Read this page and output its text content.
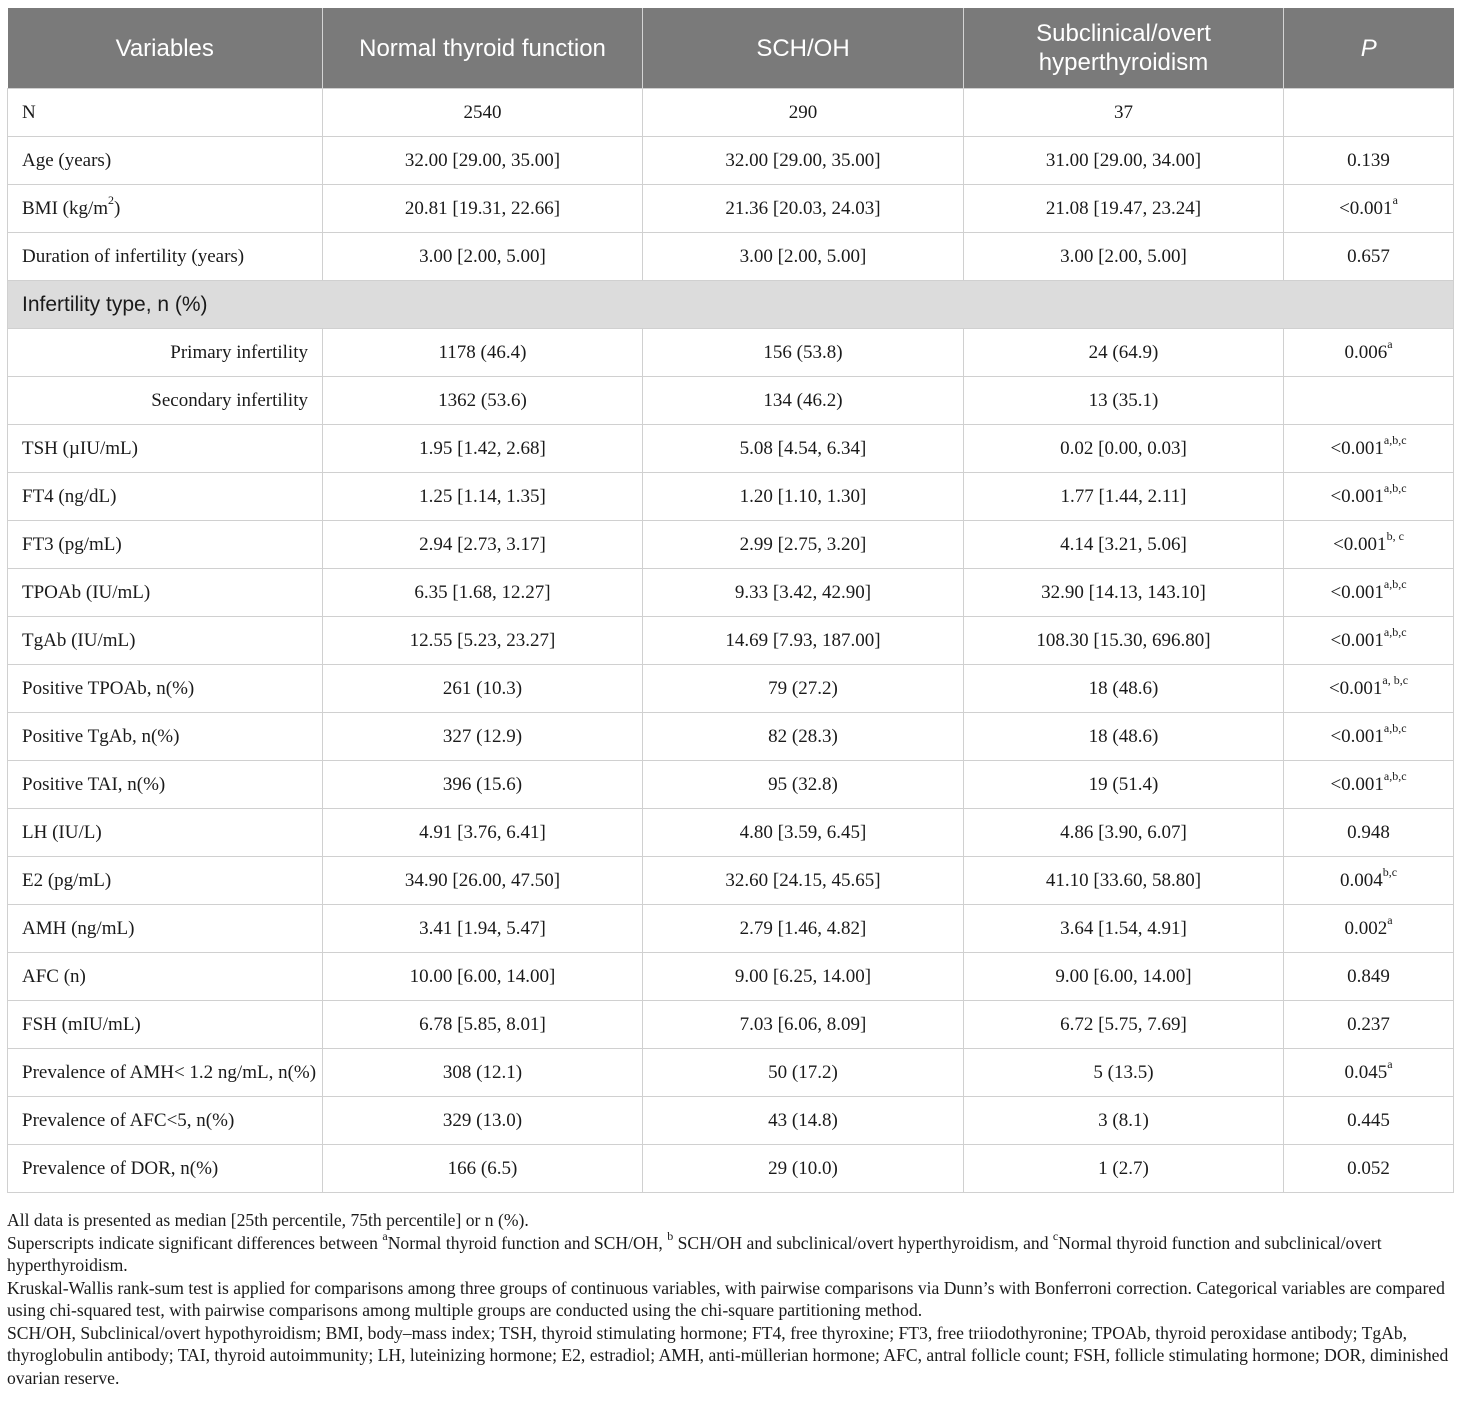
Variables	Normal thyroid function	SCH/OH	Subclinical/overt hyperthyroidism	P
N	2540	290	37	
Age (years)	32.00 [29.00, 35.00]	32.00 [29.00, 35.00]	31.00 [29.00, 34.00]	0.139
BMI $(kg/m^2)$	20.81 [19.31, 22.66]	21.36 [20.03, 24.03]	21.08 [19.47, 23.24]	<0.001$^a$
Duration of infertility (years)	3.00 [2.00, 5.00]	3.00 [2.00, 5.00]	3.00 [2.00, 5.00]	0.657
Infertility type, n (%)				
Primary infertility	1178 (46.4)	156 (53.8)	24 (64.9)	0.006$^a$
Secondary infertility	1362 (53.6)	134 (46.2)	13 (35.1)	
TSH (µIU/mL)	1.95 [1.42, 2.68]	5.08 [4.54, 6.34]	0.02 [0.00, 0.03]	$<0.001^{a,b,c}$
FT4 (ng/dL)	1.25 [1.14, 1.35]	1.20 [1.10, 1.30]	1.77 [1.44, 2.11]	$<0.001^{a,b,c}$
FT3 (pg/mL)	2.94 [2.73, 3.17]	2.99 [2.75, 3.20]	4.14 [3.21, 5.06]	$<0.001^{b, c}$
TPOAb (IU/mL)	6.35 [1.68, 12.27]	9.33 [3.42, 42.90]	32.90 [14.13, 143.10]	$<0.001^{a,b,c}$
TgAb (IU/mL)	12.55 [5.23, 23.27]	14.69 [7.93, 187.00]	108.30 [15.30, 696.80]	$<0.001^{a,b,c}$
Positive TPOAb, n(%)	261 (10.3)	79 (27.2)	18 (48.6)	$<0.001^{a, b,c}$
Positive TgAb, n(%)	327 (12.9)	82 (28.3)	18 (48.6)	$<0.001^{a,b,c}$
Positive TAI, n(%)	396 (15.6)	95 (32.8)	19 (51.4)	$<0.001^{a,b,c}$
LH (IU/L)	4.91 [3.76, 6.41]	4.80 [3.59, 6.45]	4.86 [3.90, 6.07]	0.948
E2 (pg/mL)	34.90 [26.00, 47.50]	32.60 [24.15, 45.65]	41.10 [33.60, 58.80]	0.004$^{b,c}$
AMH (ng/mL)	3.41 [1.94, 5.47]	2.79 [1.46, 4.82]	3.64 [1.54, 4.91]	0.002$^a$
AFC (n)	10.00 [6.00, 14.00]	9.00 [6.25, 14.00]	9.00 [6.00, 14.00]	0.849
FSH (mIU/mL)	6.78 [5.85, 8.01]	7.03 [6.06, 8.09]	6.72 [5.75, 7.69]	0.237
Prevalence of AMH< 1.2 ng/mL, n(%)	308 (12.1)	50 (17.2)	5 (13.5)	0.045$^a$
Prevalence of AFC<5, n(%)	329 (13.0)	43 (14.8)	3 (8.1)	0.445
Prevalence of DOR, n(%)	166 (6.5)	29 (10.0)	1 (2.7)	0.052

All data is presented as median [25th percentile, 75th percentile] or n (%).

Superscripts indicate significant differences between $^a$Normal thyroid function and SCH/OH, $^b$ SCH/OH and subclinical/overt hyperthyroidism, and $^c$Normal thyroid function and subclinical/overt hyperthyroidism.

Kruskal-Wallis rank-sum test is applied for comparisons among three groups of continuous variables, with pairwise comparisons via Dunn’s with Bonferroni correction. Categorical variables are compared using chi-squared test, with pairwise comparisons among multiple groups are conducted using the chi-square partitioning method.

SCH/OH, Subclinical/overt hypothyroidism; BMI, body–mass index; TSH, thyroid stimulating hormone; FT4, free thyroxine; FT3, free triiodothyronine; TPOAb, thyroid peroxidase antibody; TgAb, thyroglobulin antibody; TAI, thyroid autoimmunity; LH, luteinizing hormone; E2, estradiol; AMH, anti-müllerian hormone; AFC, antral follicle count; FSH, follicle stimulating hormone; DOR, diminished ovarian reserve.
